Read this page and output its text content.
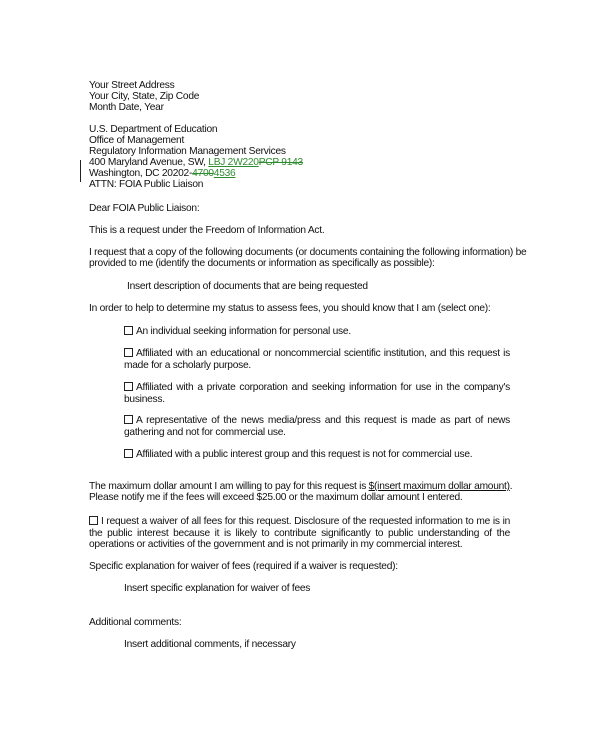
Your Street Address
Your City, State, Zip Code
Month Date, Year
U.S. Department of Education
Office of Management
Regulatory Information Management Services
400 Maryland Avenue, SW, LBJ 2W220PCP 9143
Washington, DC 20202-47004536
ATTN: FOIA Public Liaison
Dear FOIA Public Liaison:
This is a request under the Freedom of Information Act.
I request that a copy of the following documents (or documents containing the following information) be
provided to me (identify the documents or information as specifically as possible):
Insert description of documents that are being requested
In order to help to determine my status to assess fees, you should know that I am (select one):
An individual seeking information for personal use.
Affiliated with an educational or noncommercial scientific institution, and this request is made for a scholarly purpose.
Affiliated with a private corporation and seeking information for use in the company's business.
A representative of the news media/press and this request is made as part of news gathering and not for commercial use.
Affiliated with a public interest group and this request is not for commercial use.
The maximum dollar amount I am willing to pay for this request is $(insert maximum dollar amount).
Please notify me if the fees will exceed $25.00 or the maximum dollar amount I entered.
I request a waiver of all fees for this request. Disclosure of the requested information to me is in the public interest because it is likely to contribute significantly to public understanding of the operations or activities of the government and is not primarily in my commercial interest.
Specific explanation for waiver of fees (required if a waiver is requested):
Insert specific explanation for waiver of fees
Additional comments:
Insert additional comments, if necessary
